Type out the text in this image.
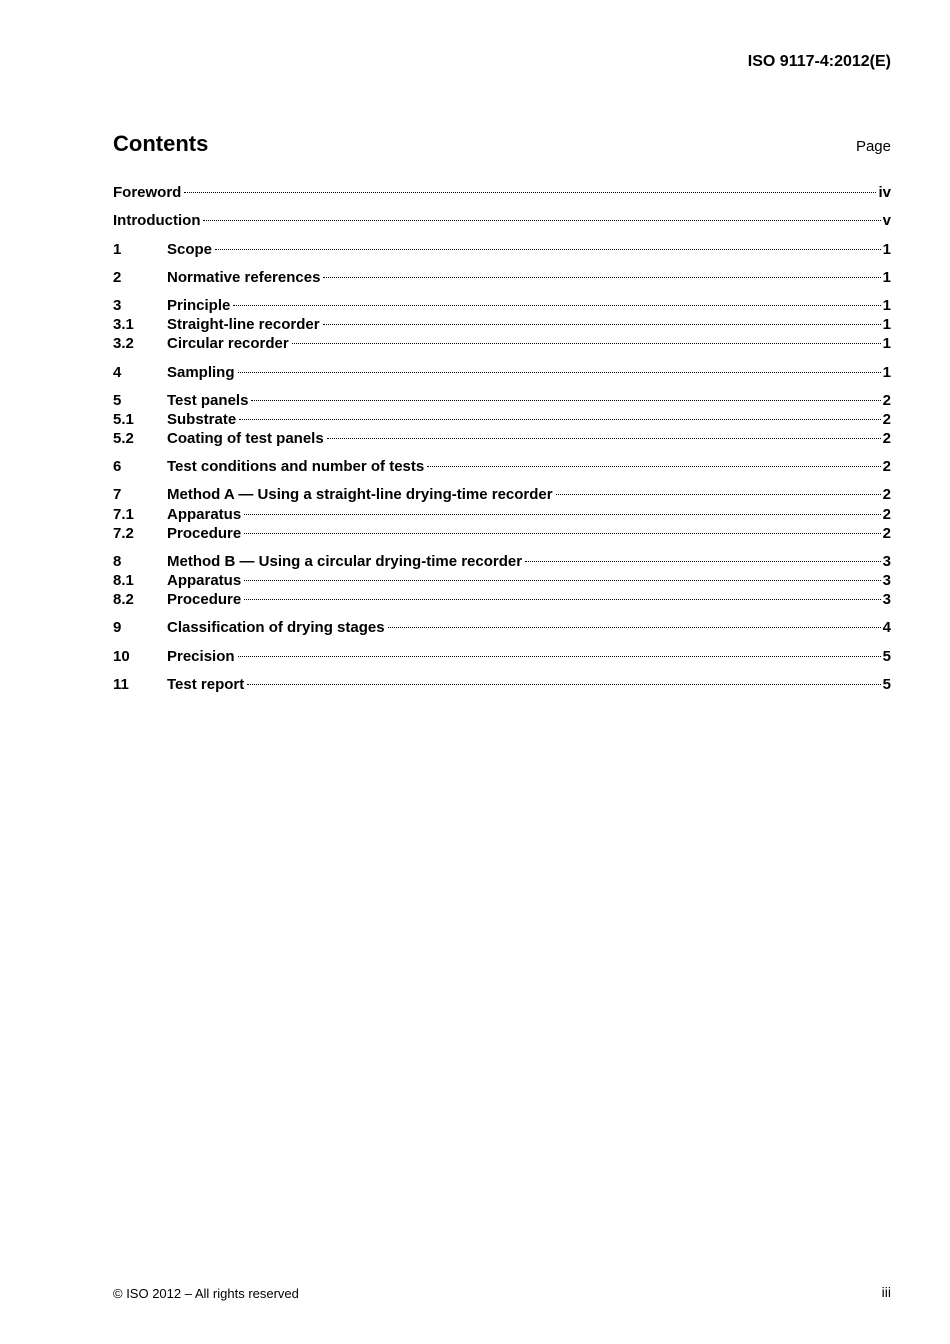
ISO 9117-4:2012(E)
Contents	Page
Foreword	iv
Introduction	v
1	Scope	1
2	Normative references	1
3	Principle	1
3.1	Straight-line recorder	1
3.2	Circular recorder	1
4	Sampling	1
5	Test panels	2
5.1	Substrate	2
5.2	Coating of test panels	2
6	Test conditions and number of tests	2
7	Method A — Using a straight-line drying-time recorder	2
7.1	Apparatus	2
7.2	Procedure	2
8	Method B — Using a circular drying-time recorder	3
8.1	Apparatus	3
8.2	Procedure	3
9	Classification of drying stages	4
10	Precision	5
11	Test report	5
© ISO 2012 – All rights reserved	iii
